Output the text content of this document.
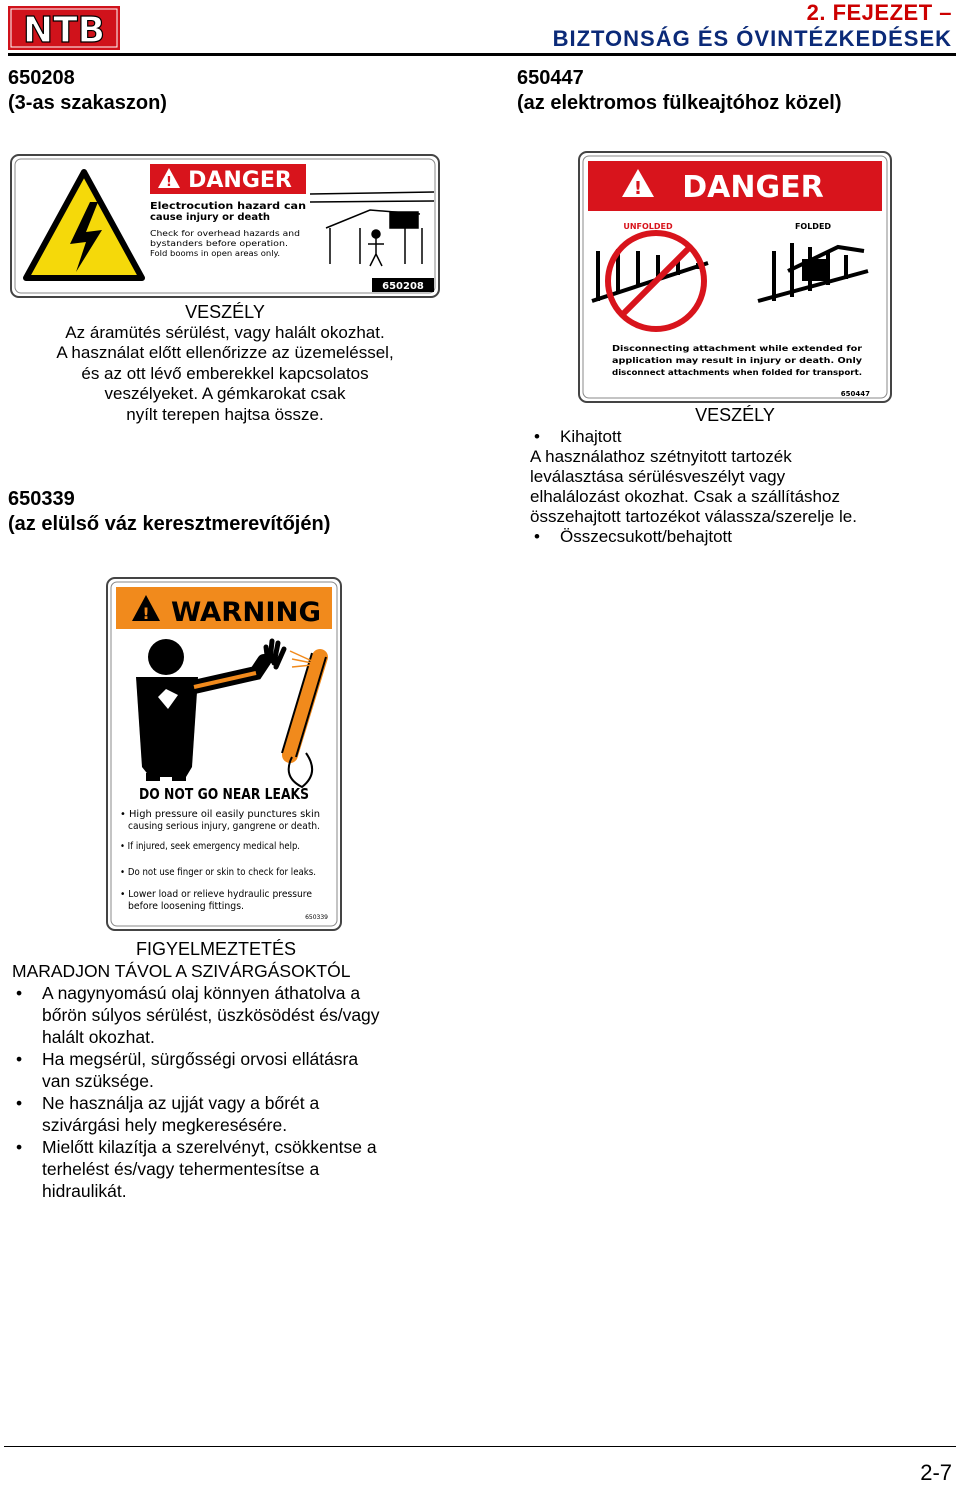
NTB	2. FEJEZET –
BIZTONSÁG ÉS ÓVINTÉZKEDÉSEK
650208
(3-as szakaszon)
650447
(az elektromos fülkeajtóhoz közel)
! DANGER
Electrocution hazard can
cause injury or death
Check for overhead hazards and
bystanders before operation.
Fold booms in open areas only.
650208
VESZÉLY
Az áramütés sérülést, vagy halált okozhat.
A használat előtt ellenőrizze az üzemeléssel,
és az ott lévő emberekkel kapcsolatos
veszélyeket. A gémkarokat csak
nyílt terepen hajtsa össze.
650339
(az elülső váz keresztmerevítőjén)
! DANGER
UNFOLDED	FOLDED
Disconnecting attachment while extended for application may result in injury or death. Only disconnect attachments when folded for transport.
650447
VESZÉLY
• Kihajtott
A használathoz szétnyitott tartozék
leválasztása sérülésveszélyt vagy
elhalálozást okozhat. Csak a szállításhoz
összehajtott tartozékot válassza/szerelje le.
• Összecsukott/behajtott
! WARNING
DO NOT GO NEAR LEAKS
• High pressure oil easily punctures skin causing serious injury, gangrene or death. • If injured, seek emergency medical help. • Do not use finger or skin to check for leaks. • Lower load or relieve hydraulic pressure before loosening fittings.
650339
FIGYELMEZTETÉS
MARADJON TÁVOL A SZIVÁRGÁSOKTÓL
• A nagynyomású olaj könnyen áthatolva a
bőrön súlyos sérülést, üszkösödést és/vagy
halált okozhat.
• Ha megsérül, sürgősségi orvosi ellátásra
van szüksége.
• Ne használja az ujját vagy a bőrét a
szivárgási hely megkeresésére.
• Mielőtt kilazítja a szerelvényt, csökkentse a
terhelést és/vagy tehermentesítse a
hidraulikát.
2-7
